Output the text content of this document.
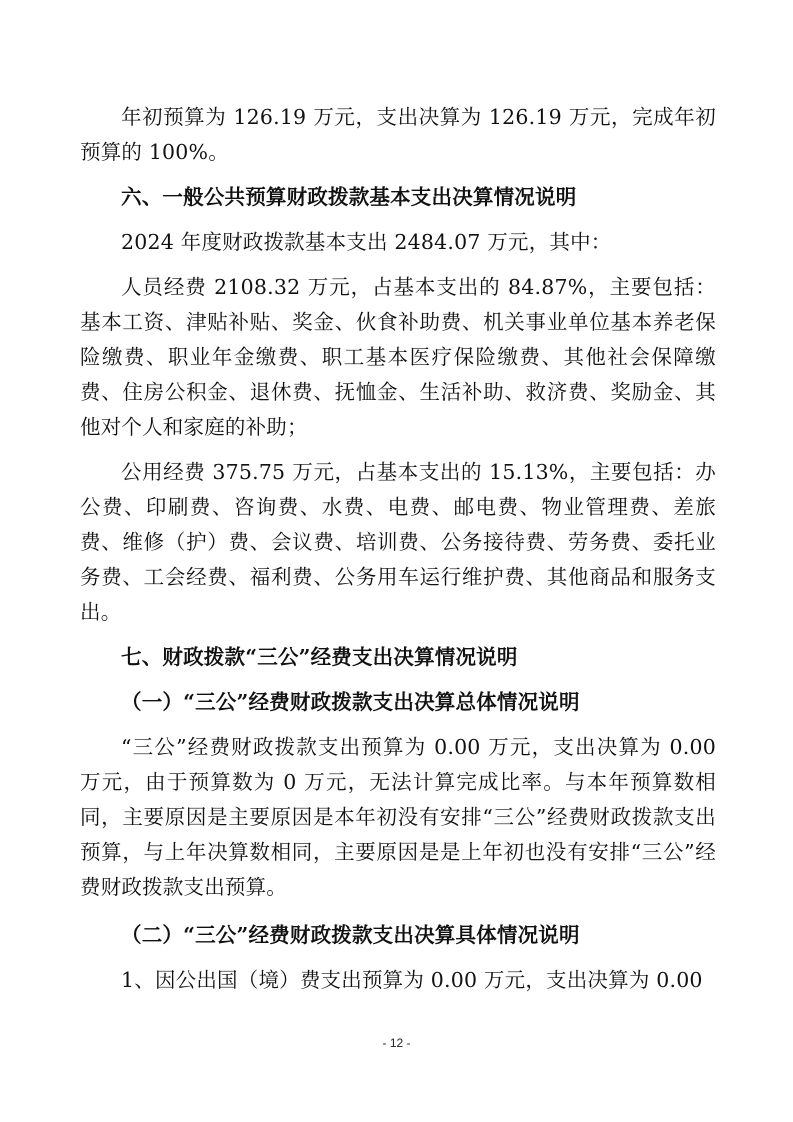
年初预算为 126.19 万元，支出决算为 126.19 万元，完成年初预算的 100%。

六、一般公共预算财政拨款基本支出决算情况说明

2024 年度财政拨款基本支出 2484.07 万元，其中：

人员经费 2108.32 万元，占基本支出的 84.87%，主要包括：基本工资、津贴补贴、奖金、伙食补助费、机关事业单位基本养老保险缴费、职业年金缴费、职工基本医疗保险缴费、其他社会保障缴费、住房公积金、退休费、抚恤金、生活补助、救济费、奖励金、其他对个人和家庭的补助；

公用经费 375.75 万元，占基本支出的 15.13%，主要包括：办公费、印刷费、咨询费、水费、电费、邮电费、物业管理费、差旅费、维修（护）费、会议费、培训费、公务接待费、劳务费、委托业务费、工会经费、福利费、公务用车运行维护费、其他商品和服务支出。

七、财政拨款“三公”经费支出决算情况说明

（一）“三公”经费财政拨款支出决算总体情况说明

“三公”经费财政拨款支出预算为 0.00 万元，支出决算为 0.00 万元，由于预算数为 0 万元，无法计算完成比率。与本年预算数相同，主要原因是主要原因是本年初没有安排“三公”经费财政拨款支出预算，与上年决算数相同，主要原因是是上年初也没有安排“三公”经费财政拨款支出预算。

（二）“三公”经费财政拨款支出决算具体情况说明

1、因公出国（境）费支出预算为 0.00 万元，支出决算为 0.00

- 12 -
